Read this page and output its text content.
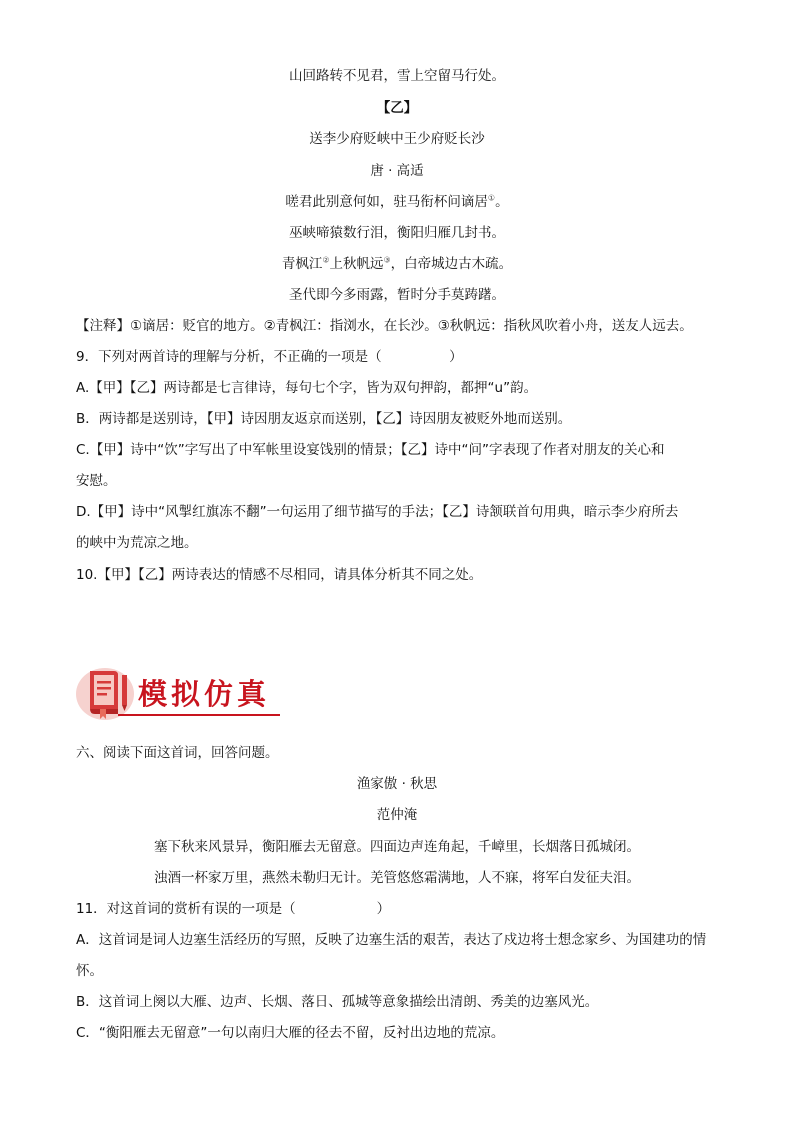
山回路转不见君，雪上空留马行处。
【乙】
送李少府贬峡中王少府贬长沙
唐 · 高适
嗟君此别意何如，驻马衔杯问谪居①。
巫峡啼猿数行泪，衡阳归雁几封书。
青枫江②上秋帆远③，白帝城边古木疏。
圣代即今多雨露，暂时分手莫踌躇。
【注释】①谪居：贬官的地方。②青枫江：指浏水，在长沙。③秋帆远：指秋风吹着小舟，送友人远去。
9．下列对两首诗的理解与分析，不正确的一项是（　　　　　）
A.【甲】【乙】两诗都是七言律诗，每句七个字，皆为双句押韵，都押“u”韵。
B．两诗都是送别诗，【甲】诗因朋友返京而送别，【乙】诗因朋友被贬外地而送别。
C.【甲】诗中“饮”字写出了中军帐里设宴饯别的情景；【乙】诗中“问”字表现了作者对朋友的关心和
安慰。
D.【甲】诗中“风掣红旗冻不翻”一句运用了细节描写的手法；【乙】诗颔联首句用典，暗示李少府所去
的峡中为荒凉之地。
10.【甲】【乙】两诗表达的情感不尽相同，请具体分析其不同之处。
模拟仿真
六、阅读下面这首词，回答问题。
渔家傲 · 秋思
范仲淹
塞下秋来风景异，衡阳雁去无留意。四面边声连角起，千嶂里，长烟落日孤城闭。
浊酒一杯家万里，燕然未勒归无计。羌管悠悠霜满地，人不寐，将军白发征夫泪。
11．对这首词的赏析有误的一项是（　　　　　　）
A．这首词是词人边塞生活经历的写照，反映了边塞生活的艰苦，表达了戍边将士想念家乡、为国建功的情
怀。
B．这首词上阕以大雁、边声、长烟、落日、孤城等意象描绘出清朗、秀美的边塞风光。
C．“衡阳雁去无留意”一句以南归大雁的径去不留，反衬出边地的荒凉。
